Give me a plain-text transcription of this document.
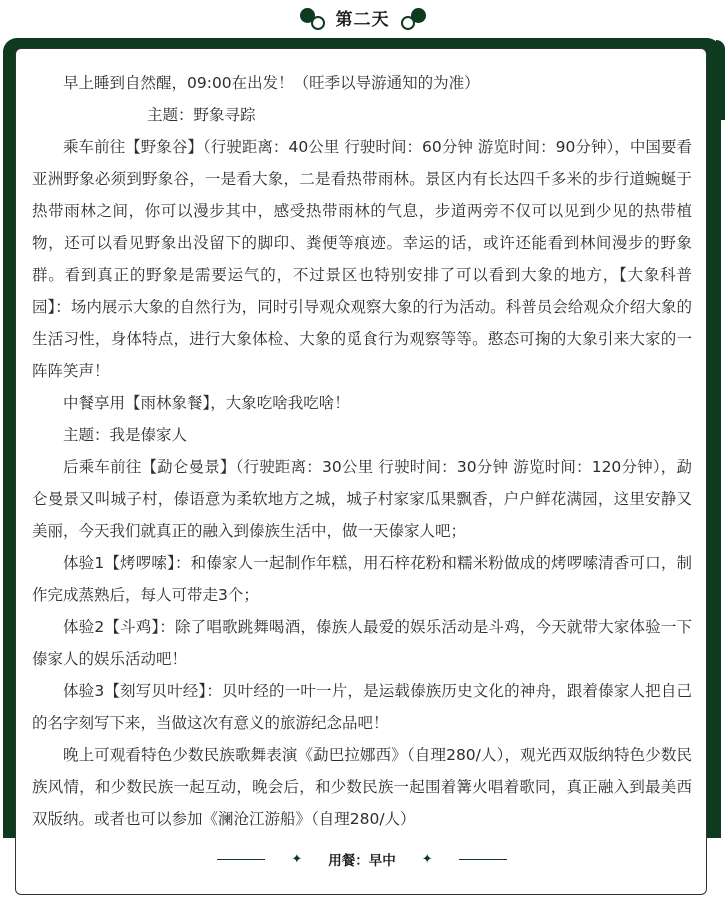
第二天

早上睡到自然醒，09:00在出发！（旺季以导游通知的为准）

主题：野象寻踪

乘车前往【野象谷】（行驶距离：40公里 行驶时间：60分钟 游览时间：90分钟），中国要看亚洲野象必须到野象谷，一是看大象，二是看热带雨林。景区内有长达四千多米的步行道蜿蜒于热带雨林之间，你可以漫步其中，感受热带雨林的气息，步道两旁不仅可以见到少见的热带植物，还可以看见野象出没留下的脚印、粪便等痕迹。幸运的话，或许还能看到林间漫步的野象群。看到真正的野象是需要运气的，不过景区也特别安排了可以看到大象的地方，【大象科普园】：场内展示大象的自然行为，同时引导观众观察大象的行为活动。科普员会给观众介绍大象的生活习性，身体特点，进行大象体检、大象的觅食行为观察等等。憨态可掬的大象引来大家的一阵阵笑声！

中餐享用【雨林象餐】，大象吃啥我吃啥！

主题：我是傣家人

后乘车前往【勐仑曼景】（行驶距离：30公里 行驶时间：30分钟 游览时间：120分钟），勐仑曼景又叫城子村，傣语意为柔软地方之城，城子村家家瓜果飘香，户户鲜花满园，这里安静又美丽，今天我们就真正的融入到傣族生活中，做一天傣家人吧；

体验1【烤啰嗦】：和傣家人一起制作年糕，用石梓花粉和糯米粉做成的烤啰嗦清香可口，制作完成蒸熟后，每人可带走3个；

体验2【斗鸡】：除了唱歌跳舞喝酒，傣族人最爱的娱乐活动是斗鸡，今天就带大家体验一下傣家人的娱乐活动吧！

体验3【刻写贝叶经】：贝叶经的一叶一片，是运载傣族历史文化的神舟，跟着傣家人把自己的名字刻写下来，当做这次有意义的旅游纪念品吧！

晚上可观看特色少数民族歌舞表演《勐巴拉娜西》（自理280/人），观光西双版纳特色少数民族风情，和少数民族一起互动，晚会后，和少数民族一起围着篝火唱着歌同，真正融入到最美西双版纳。或者也可以参加《澜沧江游船》（自理280/人）

✦ 用餐：早中 ✦
